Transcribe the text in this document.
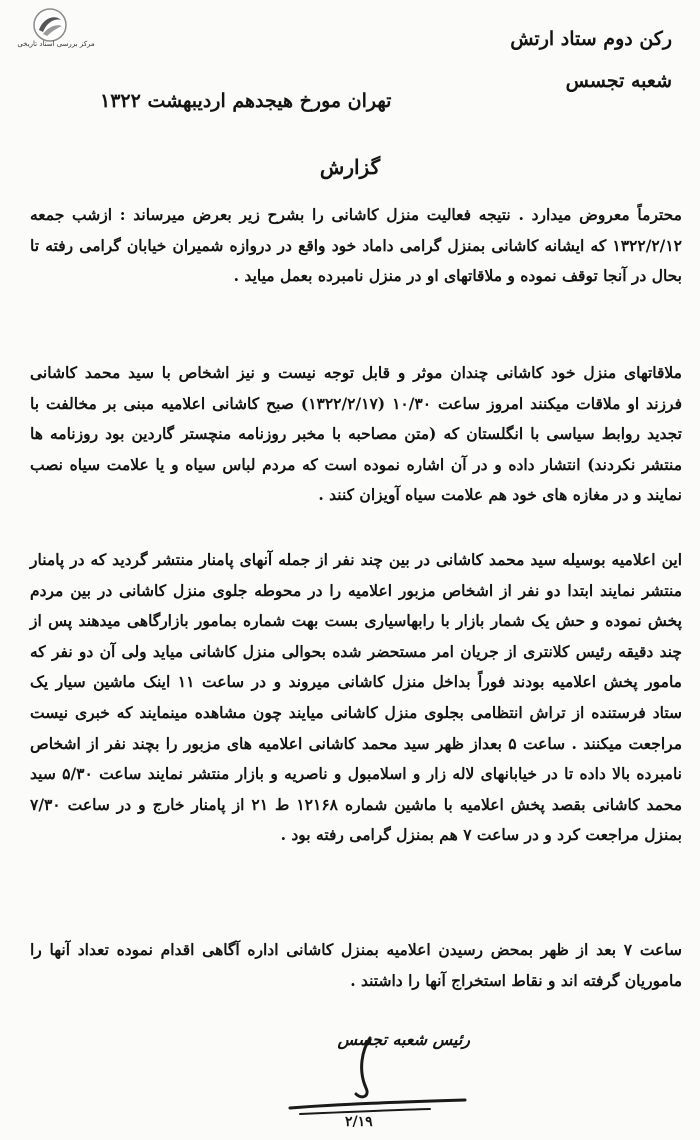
مرکز بررسی اسناد تاریخی	رکن دوم ستاد ارتش
شعبه تجسس
تهران مورخ هیجدهم اردیبهشت ۱۳۲۲
گزارش

محترماً معروض میدارد . نتیجه فعالیت منزل کاشانی را بشرح زیر بعرض میرساند : ازشب جمعه ۱۳۲۲/۲/۱۲ که ایشانه کاشانی بمنزل گرامی داماد خود واقع در دروازه شمیران خیابان گرامی رفته تا بحال در آنجا توقف نموده و ملاقاتهای او در منزل نامبرده بعمل میاید .

ملاقاتهای منزل خود کاشانی چندان موثر و قابل توجه نیست و نیز اشخاص با سید محمد کاشانی فرزند او ملاقات میکنند امروز ساعت ۱۰/۳۰ (۱۳۲۲/۲/۱۷) صبح کاشانی اعلامیه مبنی بر مخالفت با تجدید روابط سیاسی با انگلستان که (متن مصاحبه با مخبر روزنامه منچستر گاردین بود روزنامه ها منتشر نکردند) انتشار داده و در آن اشاره نموده است که مردم لباس سیاه و یا علامت سیاه نصب نمایند و در مغازه های خود هم علامت سیاه آویزان کنند .

این اعلامیه بوسیله سید محمد کاشانی در بین چند نفر از جمله آنهای پامنار منتشر گردید که در پامنار منتشر نمایند ابتدا دو نفر از اشخاص مزبور اعلامیه را در محوطه جلوی منزل کاشانی در بین مردم پخش نموده و حش یک شمار بازار با رابهاسیاری بست بهت شماره بمامور بازارگاهی میدهند پس از چند دقیقه رئیس کلانتری از جریان امر مستحضر شده بحوالی منزل کاشانی میاید ولی آن دو نفر که مامور پخش اعلامیه بودند فوراً بداخل منزل کاشانی میروند و در ساعت ۱۱ اینک ماشین سیار یک ستاد فرستنده از تراش انتظامی بجلوی منزل کاشانی میایند چون مشاهده مینمایند که خبری نیست مراجعت میکنند . ساعت ۵ بعداز ظهر سید محمد کاشانی اعلامیه های مزبور را بچند نفر از اشخاص نامبرده بالا داده تا در خیابانهای لاله زار و اسلامبول و ناصریه و بازار منتشر نمایند ساعت ۵/۳۰ سید محمد کاشانی بقصد پخش اعلامیه با ماشین شماره ۱۲۱۶۸ ط ۲۱ از پامنار خارج و در ساعت ۷/۳۰ بمنزل مراجعت کرد و در ساعت ۷ هم بمنزل گرامی رفته بود .

ساعت ۷ بعد از ظهر بمحض رسیدن اعلامیه بمنزل کاشانی اداره آگاهی اقدام نموده تعداد آنها را ماموریان گرفته اند و نقاط استخراج آنها را داشتند .

رئیس شعبه تجسس
۲/۱۹
